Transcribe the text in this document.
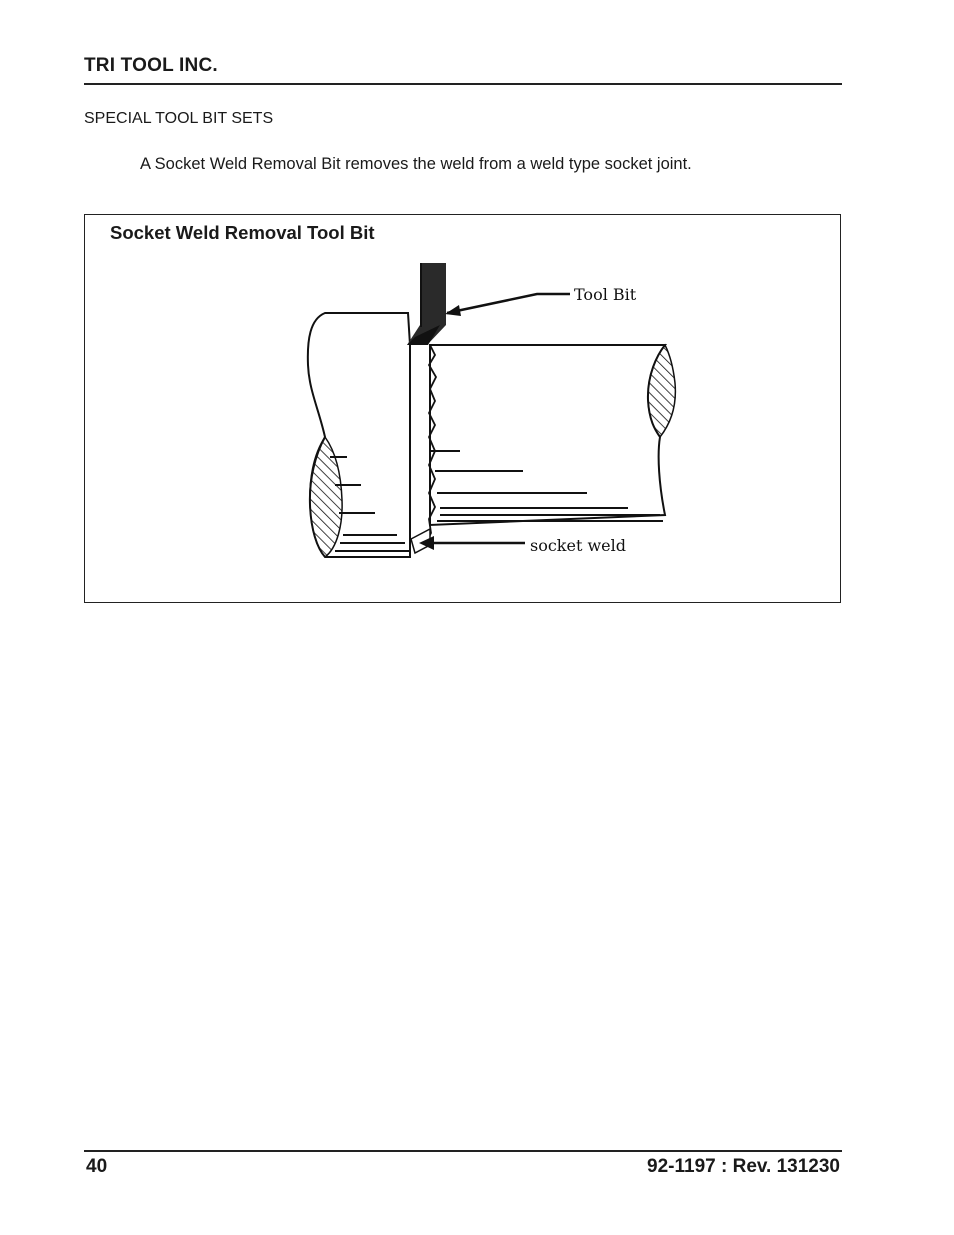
TRI TOOL INC.
SPECIAL TOOL BIT SETS
A Socket Weld Removal Bit removes the weld from a weld type socket joint.
Socket Weld Removal Tool Bit
Tool Bit
socket weld
40	92-1197 : Rev. 131230
